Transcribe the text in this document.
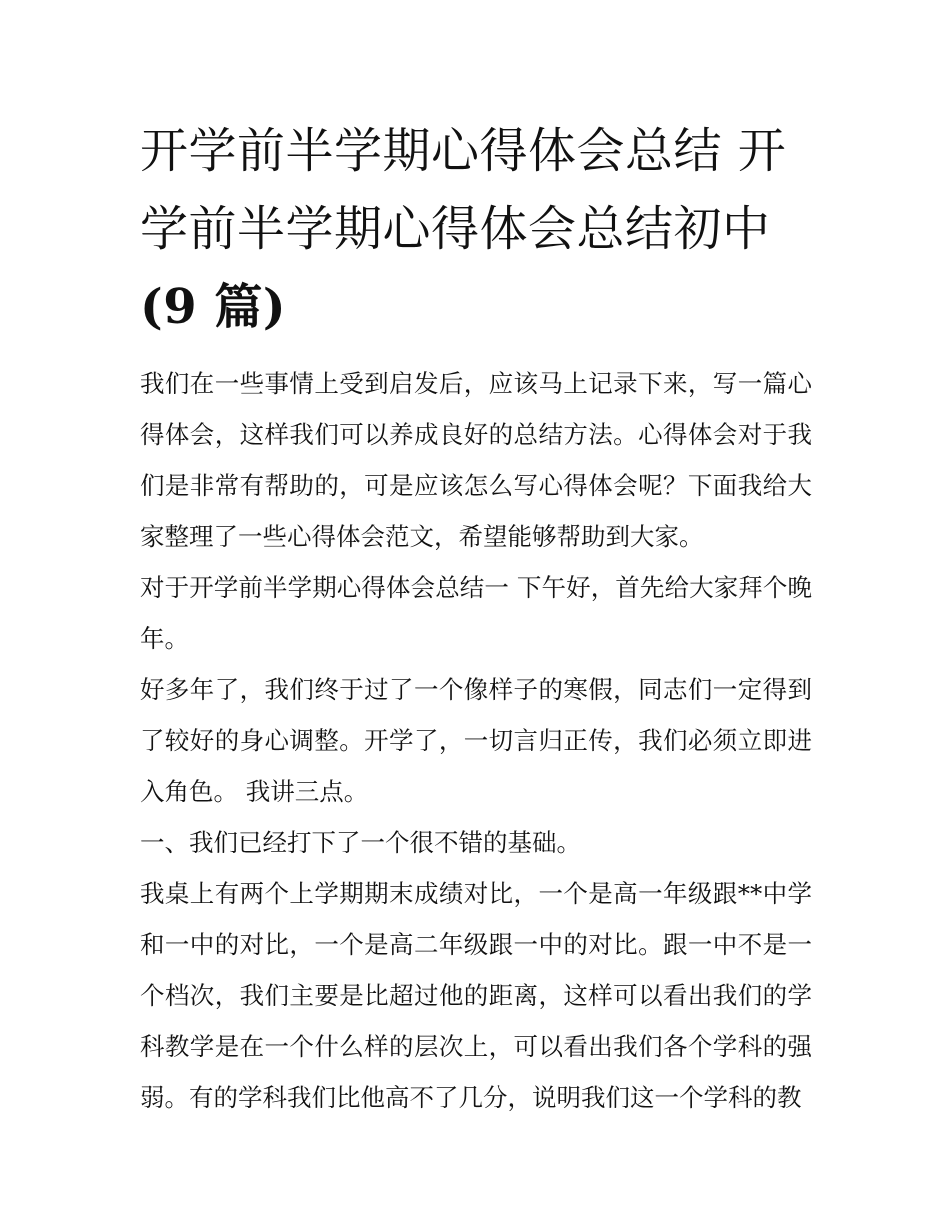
开学前半学期心得体会总结 开学前半学期心得体会总结初中
(9 篇)

我们在一些事情上受到启发后，应该马上记录下来，写一篇心得体会，这样我们可以养成良好的总结方法。心得体会对于我们是非常有帮助的，可是应该怎么写心得体会呢？下面我给大家整理了一些心得体会范文，希望能够帮助到大家。

对于开学前半学期心得体会总结一 下午好，首先给大家拜个晚年。

好多年了，我们终于过了一个像样子的寒假，同志们一定得到了较好的身心调整。开学了，一切言归正传，我们必须立即进入角色。 我讲三点。

一、我们已经打下了一个很不错的基础。

我桌上有两个上学期期末成绩对比，一个是高一年级跟**中学和一中的对比，一个是高二年级跟一中的对比。跟一中不是一个档次，我们主要是比超过他的距离，这样可以看出我们的学科教学是在一个什么样的层次上，可以看出我们各个学科的强弱。有的学科我们比他高不了几分，说明我们这一个学科的教
